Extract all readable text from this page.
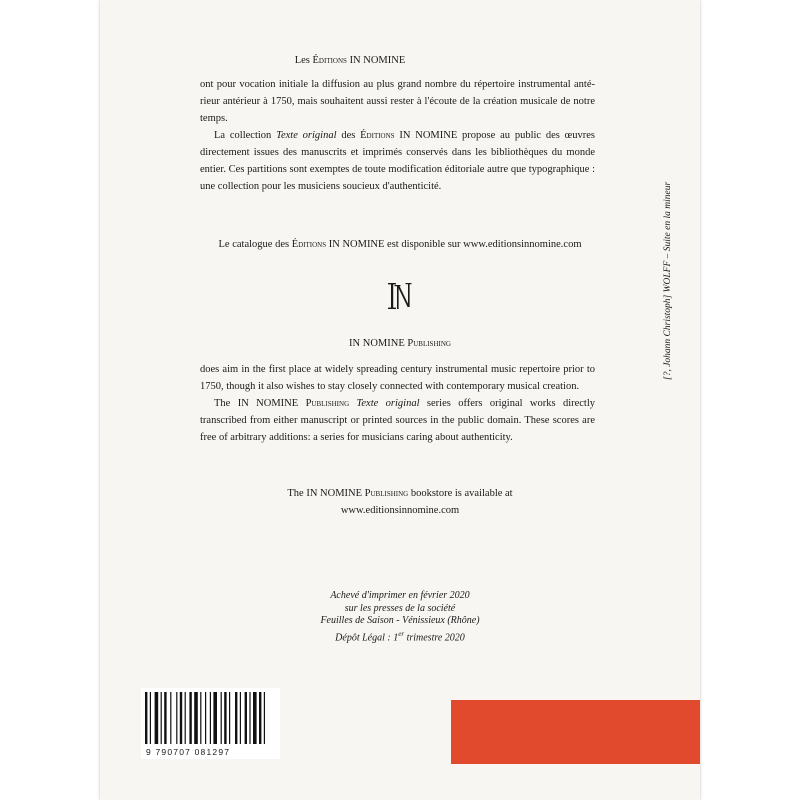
Les Éditions IN NOMINE

ont pour vocation initiale la diffusion au plus grand nombre du répertoire instrumental anté-rieur antérieur à 1750, mais souhaitent aussi rester à l'écoute de la création musicale de notre temps.

La collection Texte original des Éditions IN NOMINE propose au public des œuvres directement issues des manuscrits et imprimés conservés dans les bibliothèques du monde entier. Ces partitions sont exemptes de toute modification éditoriale autre que typographique : une collection pour les musiciens soucieux d'authenticité.

Le catalogue des Éditions IN NOMINE est disponible sur www.editionsinnomine.com
IN NOMINE Publishing

does aim in the first place at widely spreading century instrumental music repertoire prior to 1750, though it also wishes to stay closely connected with contemporary musical creation.

The IN NOMINE Publishing Texte original series offers original works directly transcribed from either manuscript or printed sources in the public domain. These scores are free of arbitrary additions: a series for musicians caring about authenticity.

The IN NOMINE Publishing bookstore is available at
www.editionsinnomine.com
Achevé d'imprimer en février 2020
sur les presses de la société
Feuilles de Saison - Vénissieux (Rhône)
Dépôt Légal : 1er trimestre 2020
[?, Johann Christoph] WOLFF – Suite en la mineur
9 790707 081297
